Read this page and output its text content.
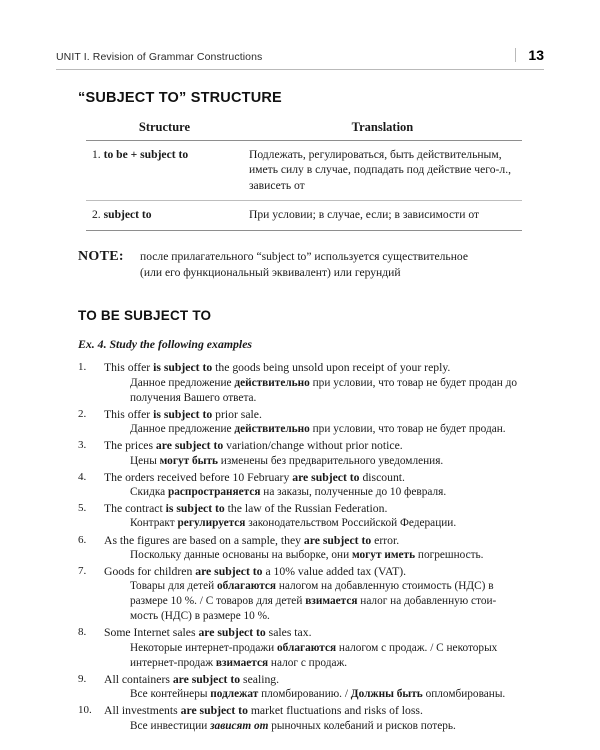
UNIT I. Revision of Grammar Constructions	13
“SUBJECT TO” STRUCTURE
Structure	Translation
1. to be + subject to	Подлежать, регулироваться, быть действительным, иметь силу в случае, подпадать под действие чего-л., зависеть от
2. subject to	При условии; в случае, если; в зависимости от
NOTE:	после прилагательного “subject to” используется существительное
(или его функциональный эквивалент) или герундий
TO BE SUBJECT TO
Ex. 4. Study the following examples
1.	This offer is subject to the goods being unsold upon receipt of your reply.
Данное предложение действительно при условии, что товар не будет продан до получения Вашего ответа.
2.	This offer is subject to prior sale.
Данное предложение действительно при условии, что товар не будет продан.
3.	The prices are subject to variation/change without prior notice.
Цены могут быть изменены без предварительного уведомления.
4.	The orders received before 10 February are subject to discount.
Скидка распространяется на заказы, полученные до 10 февраля.
5.	The contract is subject to the law of the Russian Federation.
Контракт регулируется законодательством Российской Федерации.
6.	As the figures are based on a sample, they are subject to error.
Поскольку данные основаны на выборке, они могут иметь погрешность.
7.	Goods for children are subject to a 10% value added tax (VAT).
Товары для детей облагаются налогом на добавленную стоимость (НДС) в размере 10 %. / С товаров для детей взимается налог на добавленную стои-мость (НДС) в размере 10 %.
8.	Some Internet sales are subject to sales tax.
Некоторые интернет-продажи облагаются налогом с продаж. / С некоторых интернет-продаж взимается налог с продаж.
9.	All containers are subject to sealing.
Все контейнеры подлежат пломбированию. / Должны быть опломбированы.
10.	All investments are subject to market fluctuations and risks of loss.
Все инвестиции зависят от рыночных колебаний и рисков потерь.
